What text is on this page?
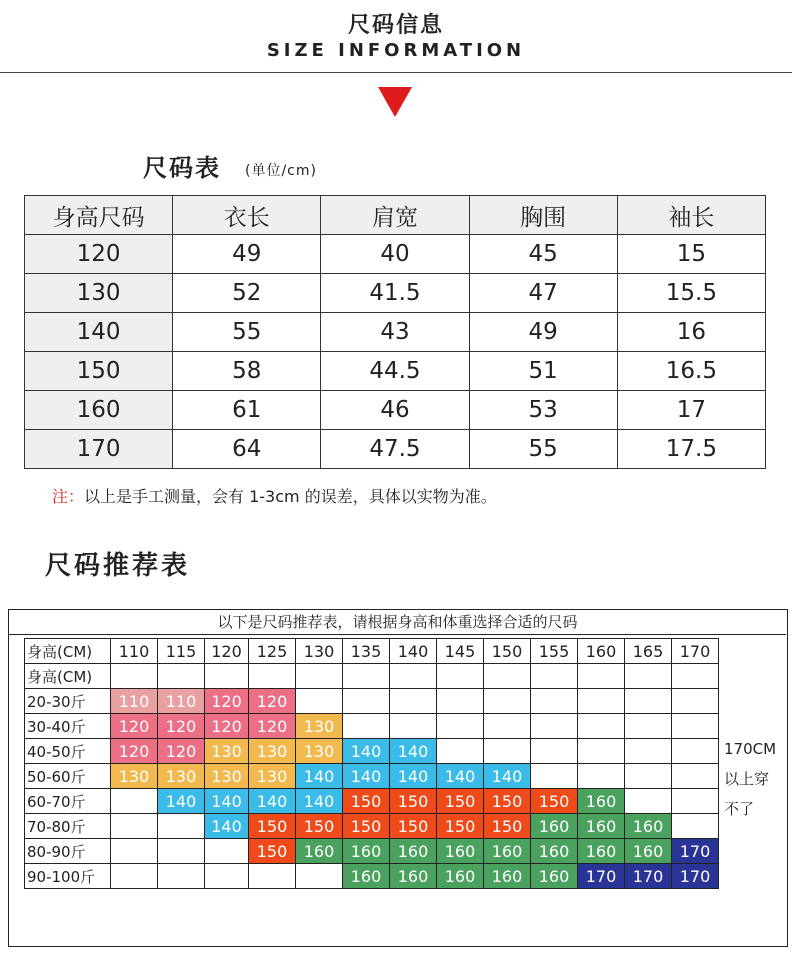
尺码信息
SIZE INFORMATION
尺码表 (单位/cm)
身高尺码	衣长	肩宽	胸围	袖长
120	49	40	45	15
130	52	41.5	47	15.5
140	55	43	49	16
150	58	44.5	51	16.5
160	61	46	53	17
170	64	47.5	55	17.5
注：以上是手工测量，会有 1-3cm 的误差，具体以实物为准。
尺码推荐表
以下是尺码推荐表，请根据身高和体重选择合适的尺码
身高(CM)	110	115	120	125	130	135	140	145	150	155	160	165	170
身高(CM)													
20-30斤	110	110	120	120									
30-40斤	120	120	120	120	130								
40-50斤	120	120	130	130	130	140	140						
50-60斤	130	130	130	130	140	140	140	140	140				
60-70斤		140	140	140	140	150	150	150	150	150	160		
70-80斤			140	150	150	150	150	150	150	160	160	160	
80-90斤				150	160	160	160	160	160	160	160	160	170
90-100斤						160	160	160	160	160	170	170	170
170CM
以上穿
不了
